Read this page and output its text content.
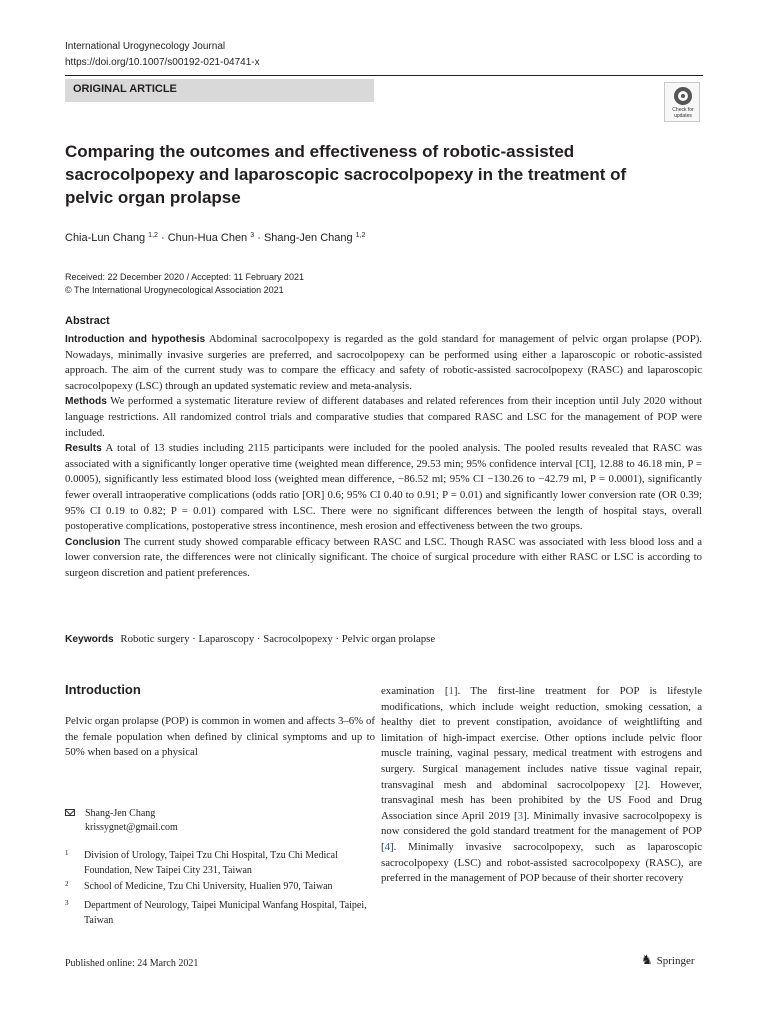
International Urogynecology Journal
https://doi.org/10.1007/s00192-021-04741-x
ORIGINAL ARTICLE
Check for updates
Comparing the outcomes and effectiveness of robotic-assisted sacrocolpopexy and laparoscopic sacrocolpopexy in the treatment of pelvic organ prolapse
Chia-Lun Chang $^{1,2}$ · Chun-Hua Chen $^3$ · Shang-Jen Chang $^{1,2}$
Received: 22 December 2020 / Accepted: 11 February 2021
© The International Urogynecological Association 2021
Abstract

Introduction and hypothesis Abdominal sacrocolpopexy is regarded as the gold standard for management of pelvic organ prolapse (POP). Nowadays, minimally invasive surgeries are preferred, and sacrocolpopexy can be performed using either a laparoscopic or robotic-assisted approach. The aim of the current study was to compare the efficacy and safety of robotic-assisted sacrocolpopexy (RASC) and laparoscopic sacrocolpopexy (LSC) through an updated systematic review and meta-analysis.

Methods We performed a systematic literature review of different databases and related references from their inception until July 2020 without language restrictions. All randomized control trials and comparative studies that compared RASC and LSC for the management of POP were included.

Results A total of 13 studies including 2115 participants were included for the pooled analysis. The pooled results revealed that RASC was associated with a significantly longer operative time (weighted mean difference, 29.53 min; 95% confidence interval [CI], 12.88 to 46.18 min, P = 0.0005), significantly less estimated blood loss (weighted mean difference, −86.52 ml; 95% CI −130.26 to −42.79 ml, P = 0.0001), significantly fewer overall intraoperative complications (odds ratio [OR] 0.6; 95% CI 0.40 to 0.91; P = 0.01) and significantly lower conversion rate (OR 0.39; 95% CI 0.19 to 0.82; P = 0.01) compared with LSC. There were no significant differences between the length of hospital stays, overall postoperative complications, postoperative stress incontinence, mesh erosion and effectiveness between the two groups.

Conclusion The current study showed comparable efficacy between RASC and LSC. Though RASC was associated with less blood loss and a lower conversion rate, the differences were not clinically significant. The choice of surgical procedure with either RASC or LSC is according to surgeon discretion and patient preferences.

Keywords Robotic surgery · Laparoscopy · Sacrocolpopexy · Pelvic organ prolapse
Introduction
Pelvic organ prolapse (POP) is common in women and affects 3–6% of the female population when defined by clinical symptoms and up to 50% when based on a physical
Shang-Jen Chang
krissygnet@gmail.com
1 Division of Urology, Taipei Tzu Chi Hospital, Tzu Chi Medical Foundation, New Taipei City 231, Taiwan
2 School of Medicine, Tzu Chi University, Hualien 970, Taiwan
3 Department of Neurology, Taipei Municipal Wanfang Hospital, Taipei, Taiwan
Published online: 24 March 2021	♞ Springer
examination [1]. The first-line treatment for POP is lifestyle modifications, which include weight reduction, smoking cessation, a healthy diet to prevent constipation, avoidance of weightlifting and limitation of high-impact exercise. Other options include pelvic floor muscle training, vaginal pessary, medical treatment with estrogens and surgery. Surgical management includes native tissue vaginal repair, transvaginal mesh and abdominal sacrocolpopexy [2]. However, transvaginal mesh has been prohibited by the US Food and Drug Association since April 2019 [3]. Minimally invasive sacrocolpopexy is now considered the gold standard treatment for the management of POP [4]. Minimally invasive sacrocolpopexy, such as laparoscopic sacrocolpopexy (LSC) and robot-assisted sacrocolpopexy (RASC), are preferred in the management of POP because of their shorter recovery
